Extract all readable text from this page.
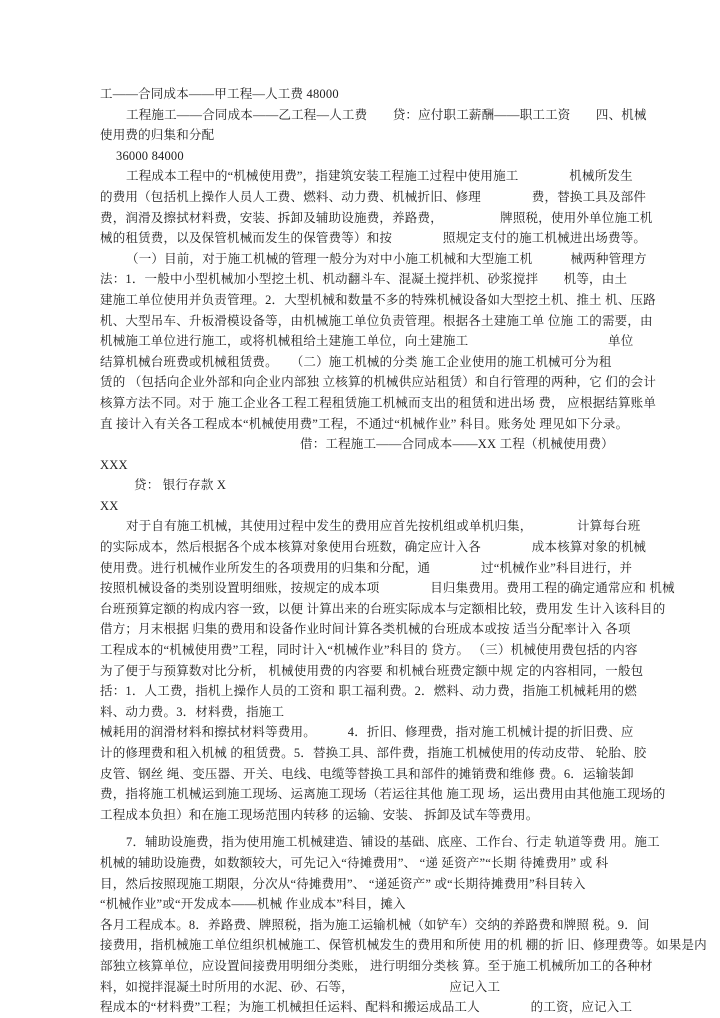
工——合同成本——甲工程—人工费 48000
工程施工——合同成本——乙工程—人工费　　贷：应付职工薪酬——职工工资　　四、机械
使用费的归集和分配
36000 84000
工程成本工程中的“机械使用费”，指建筑安装工程施工过程中使用施工　　　　机械所发生
的费用（包括机上操作人员人工费、燃料、动力费、机械折旧、修理　　　　费，替换工具及部件
费，润滑及擦拭材料费，安装、拆卸及辅助设施费，养路费，　　　　　牌照税，使用外单位施工机
械的租赁费，以及保管机械而发生的保管费等）和按　　　　照规定支付的施工机械进出场费等。
（一）目前，对于施工机械的管理一般分为对中小施工机械和大型施工机　　　械两种管理方
法：1．一般中小型机械加小型挖土机、机动翻斗车、混凝土搅拌机、砂浆搅拌　　机等，由土
建施工单位使用并负责管理。2．大型机械和数量不多的特殊机械设备如大型挖土机、推土 机、压路
机、大型吊车、升板滑模设备等，由机械施工单位负责管理。根据各土建施工单 位施 工的需要，由
机械施工单位进行施工，或将机械租给土建施工单位，向土建施工　　　　　　　　　　　单位
结算机械台班费或机械租赁费。　　（二）施工机械的分类 施工企业使用的施工机械可分为租
赁的 （包括向企业外部和向企业内部独 立核算的机械供应站租赁）和自行管理的两种，它 们的会计
核算方法不同。对于 施工企业各工程工程租赁施工机械而支出的租赁和进出场 费， 应根据结算账单
直 接计入有关各工程成本“机械使用费”工程，不通过“机械作业” 科目。账务处 理见如下分录。
借：工程施工——合同成本——XX 工程（机械使用费）
XXX
贷： 银行存款 X
XX
对于自有施工机械，其使用过程中发生的费用应首先按机组或单机归集，　　　　计算每台班
的实际成本，然后根据各个成本核算对象使用台班数，确定应计入各　　　　成本核算对象的机械
使用费。进行机械作业所发生的各项费用的归集和分配，通　　　　过“机械作业”科目进行，并
按照机械设备的类别设置明细账，按规定的成本项　　　　目归集费用。费用工程的确定通常应和 机械
台班预算定额的构成内容一致，以便 计算出来的台班实际成本与定额相比较，费用发 生计入该科目的
借方；月末根据 归集的费用和设备作业时间计算各类机械的台班成本或按 适当分配率计入 各项
工程成本的“机械使用费”工程，同时计入“机械作业”科目的 贷方。 （三）机械使用费包括的内容
为了便于与预算数对比分析， 机械使用费的内容要 和机械台班费定额中规 定的内容相同，一般包
括：1．人工费，指机上操作人员的工资和 职工福利费。2．燃料、动力费，指施工机械耗用的燃
料、动力费。3．材料费，指施工
械耗用的润滑材料和擦拭材料等费用。　　　4．折旧、修理费，指对施工机械计提的折旧费、应
计的修理费和租入机械 的租赁费。5．替换工具、部件费，指施工机械使用的传动皮带、 轮胎、胶
皮管、钢丝 绳、变压器、开关、电线、电缆等替换工具和部件的摊销费和维修 费。6．运输装卸
费，指将施工机械运到施工现场、运离施工现场（若运往其他 施工现 场，运出费用由其他施工现场的
工程成本负担）和在施工现场范围内转移 的运输、安装、 拆卸及试车等费用。
7．辅助设施费，指为使用施工机械建造、铺设的基础、底座、工作台、行走 轨道等费 用。施工
机械的辅助设施费，如数额较大，可先记入“待摊费用”、 “递 延资产”“长期 待摊费用” 或 科
目，然后按照现施工期限，分次从“待摊费用”、 “递延资产” 或“长期待摊费用”科目转入
“机械作业”或“开发成本——机械 作业成本”科目，摊入
各月工程成本。8．养路费、牌照税，指为施工运输机械（如铲车）交纳的养路费和牌照 税。9．间
接费用，指机械施工单位组织机械施工、保管机械发生的费用和所使 用的机 棚的折 旧、修理费等。如果是内
部独立核算单位，应设置间接费用明细分类账， 进行明细分类核 算。至于施工机械所加工的各种材
料，如搅拌混凝土时所用的水泥、砂、石等，　　　　　　　　应记入工
程成本的“材料费”工程；为施工机械担任运料、配料和搬运成品工人　　　　的工资，应记入工
